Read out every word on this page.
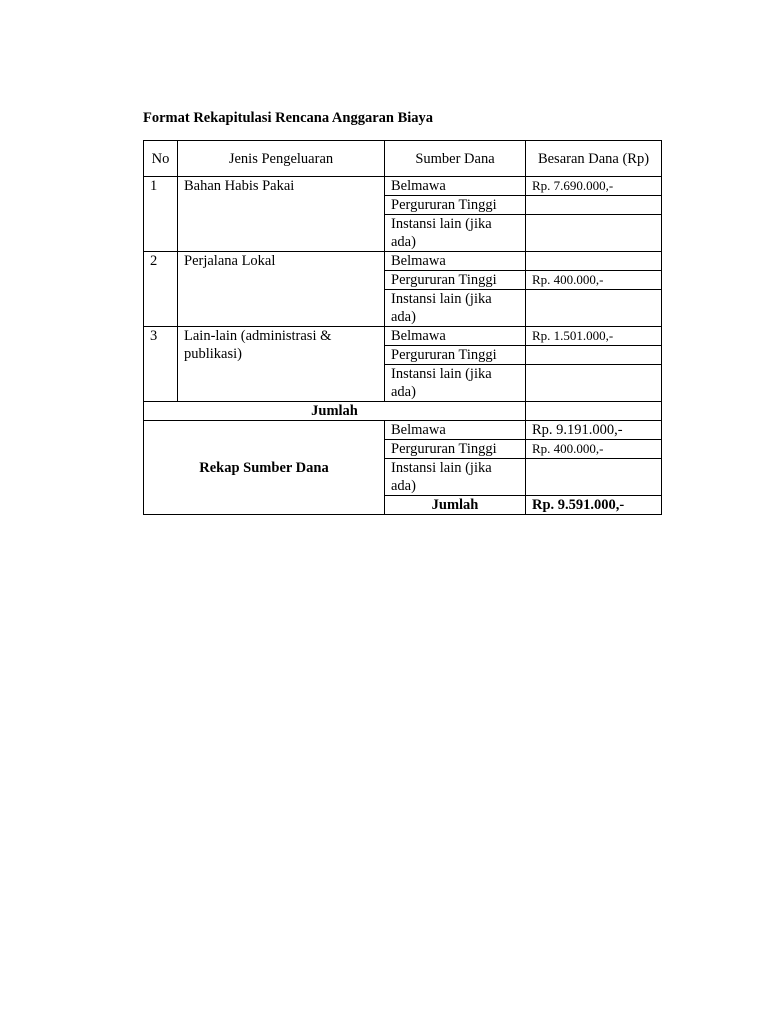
Format Rekapitulasi Rencana Anggaran Biaya
No	Jenis Pengeluaran	Sumber Dana	Besaran Dana (Rp)
1	Bahan Habis Pakai	Belmawa	Rp. 7.690.000,-
		Pergururan Tinggi	
		Instansi lain (jika ada)	
2	Perjalana Lokal	Belmawa	
		Pergururan Tinggi	Rp. 400.000,-
		Instansi lain (jika ada)	
3	Lain-lain (administrasi & publikasi)	Belmawa	Rp. 1.501.000,-
		Pergururan Tinggi	
		Instansi lain (jika ada)	
Jumlah			
Rekap Sumber Dana		Belmawa	Rp. 9.191.000,-
		Pergururan Tinggi	Rp. 400.000,-
		Instansi lain (jika ada)	
		Jumlah	Rp. 9.591.000,-
